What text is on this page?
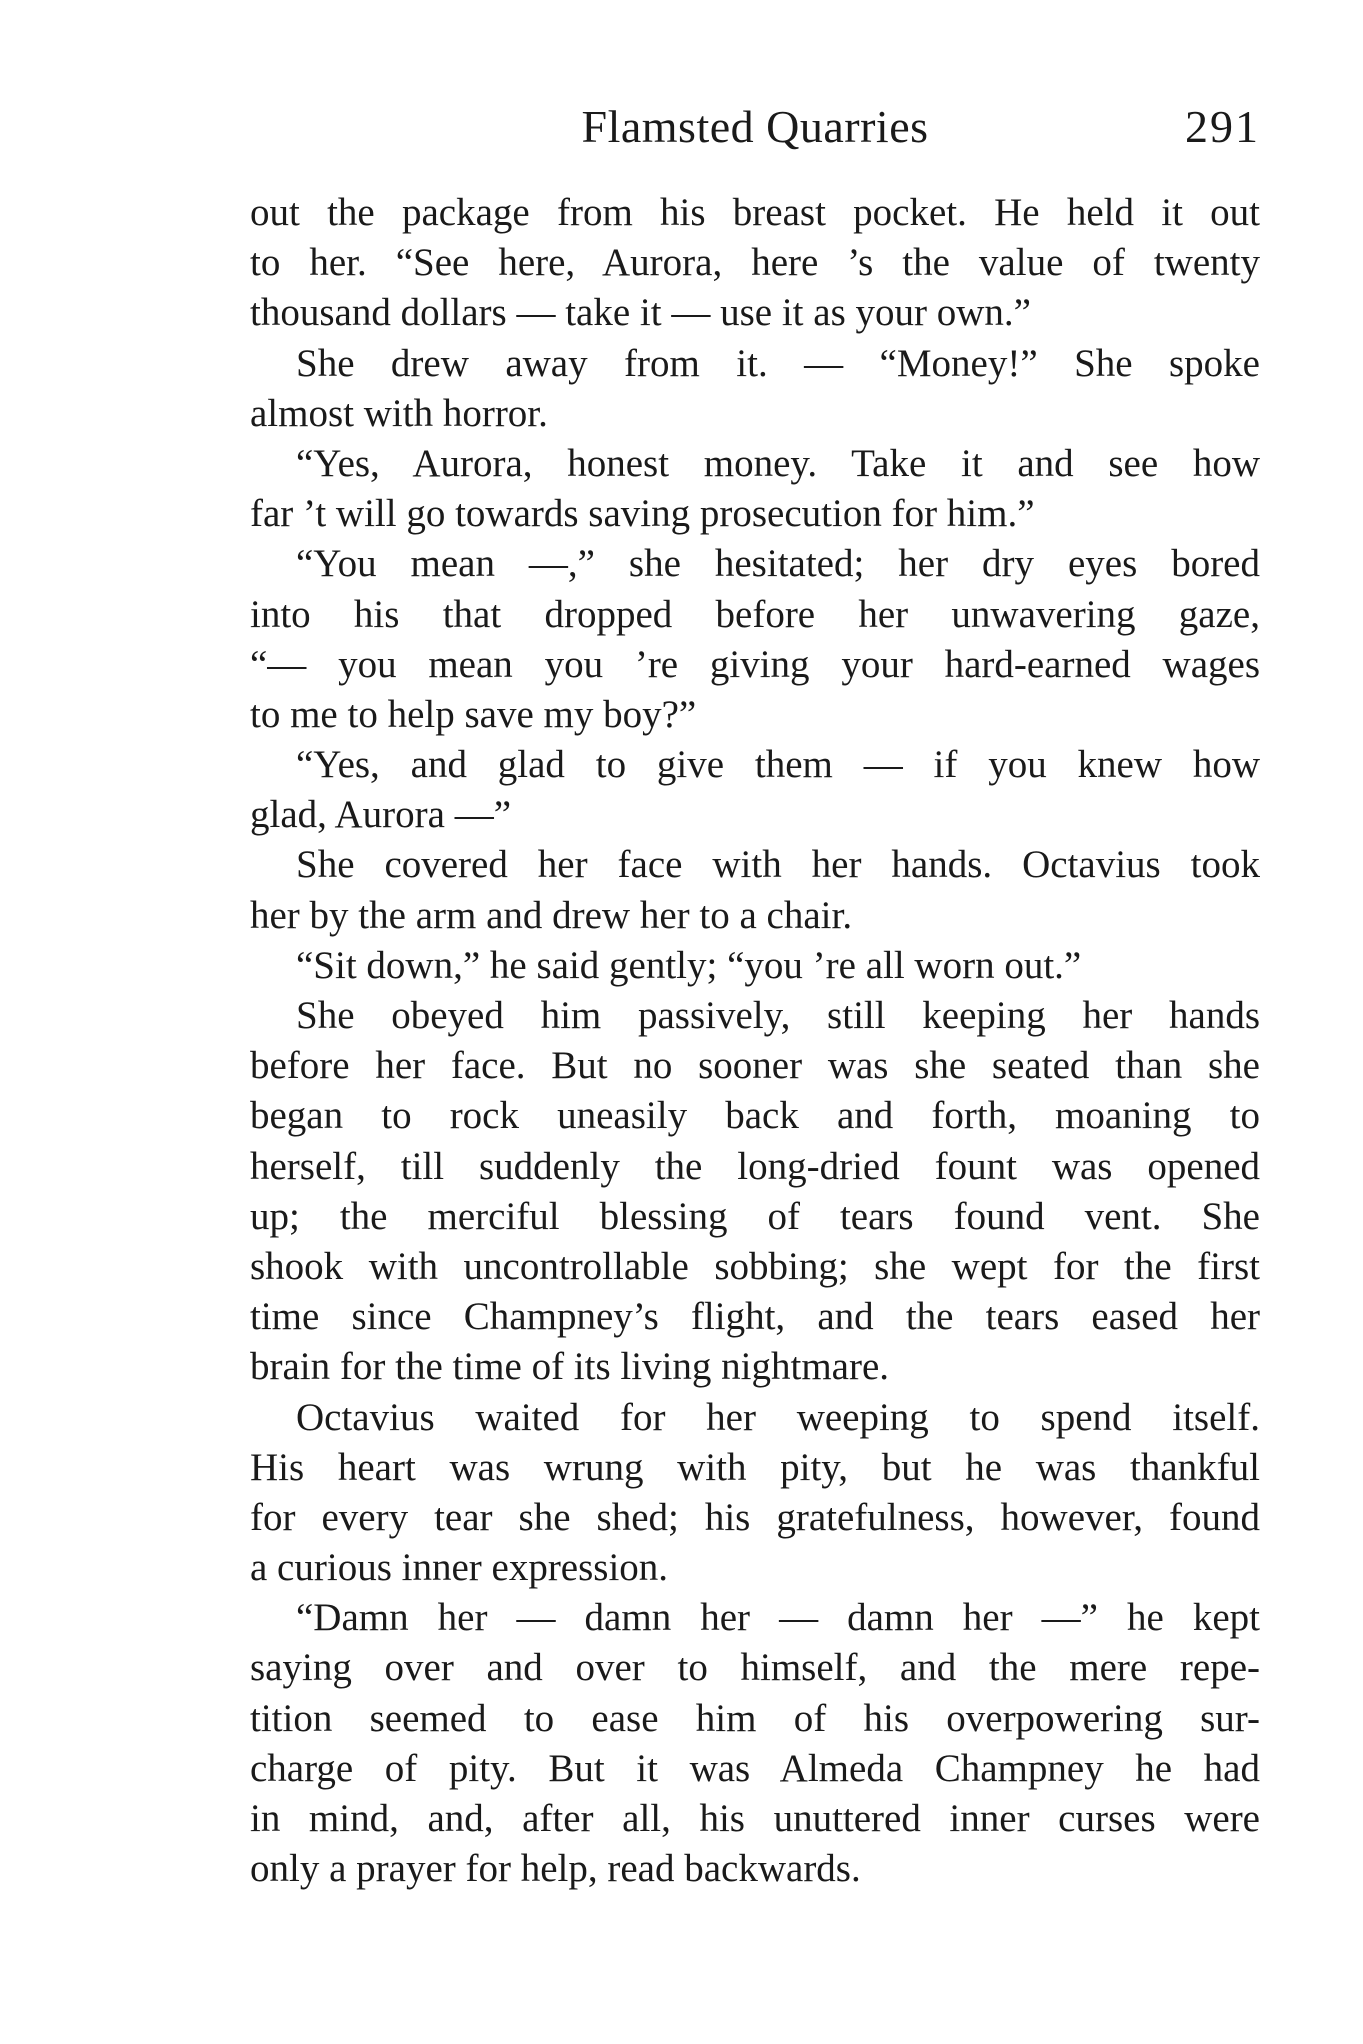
Flamsted Quarries	291
out the package from his breast pocket. He held it out
to her. “See here, Aurora, here ’s the value of twenty
thousand dollars — take it — use it as your own.”
She drew away from it. — “Money!” She spoke
almost with horror.
“Yes, Aurora, honest money. Take it and see how
far ’t will go towards saving prosecution for him.”
“You mean —,” she hesitated; her dry eyes bored
into his that dropped before her unwavering gaze,
“— you mean you ’re giving your hard-earned wages
to me to help save my boy?”
“Yes, and glad to give them — if you knew how
glad, Aurora —”
She covered her face with her hands. Octavius took
her by the arm and drew her to a chair.
“Sit down,” he said gently; “you ’re all worn out.”
She obeyed him passively, still keeping her hands
before her face. But no sooner was she seated than she
began to rock uneasily back and forth, moaning to
herself, till suddenly the long-dried fount was opened
up; the merciful blessing of tears found vent. She
shook with uncontrollable sobbing; she wept for the first
time since Champney’s flight, and the tears eased her
brain for the time of its living nightmare.
Octavius waited for her weeping to spend itself.
His heart was wrung with pity, but he was thankful
for every tear she shed; his gratefulness, however, found
a curious inner expression.
“Damn her — damn her — damn her —” he kept
saying over and over to himself, and the mere repe-
tition seemed to ease him of his overpowering sur-
charge of pity. But it was Almeda Champney he had
in mind, and, after all, his unuttered inner curses were
only a prayer for help, read backwards.
